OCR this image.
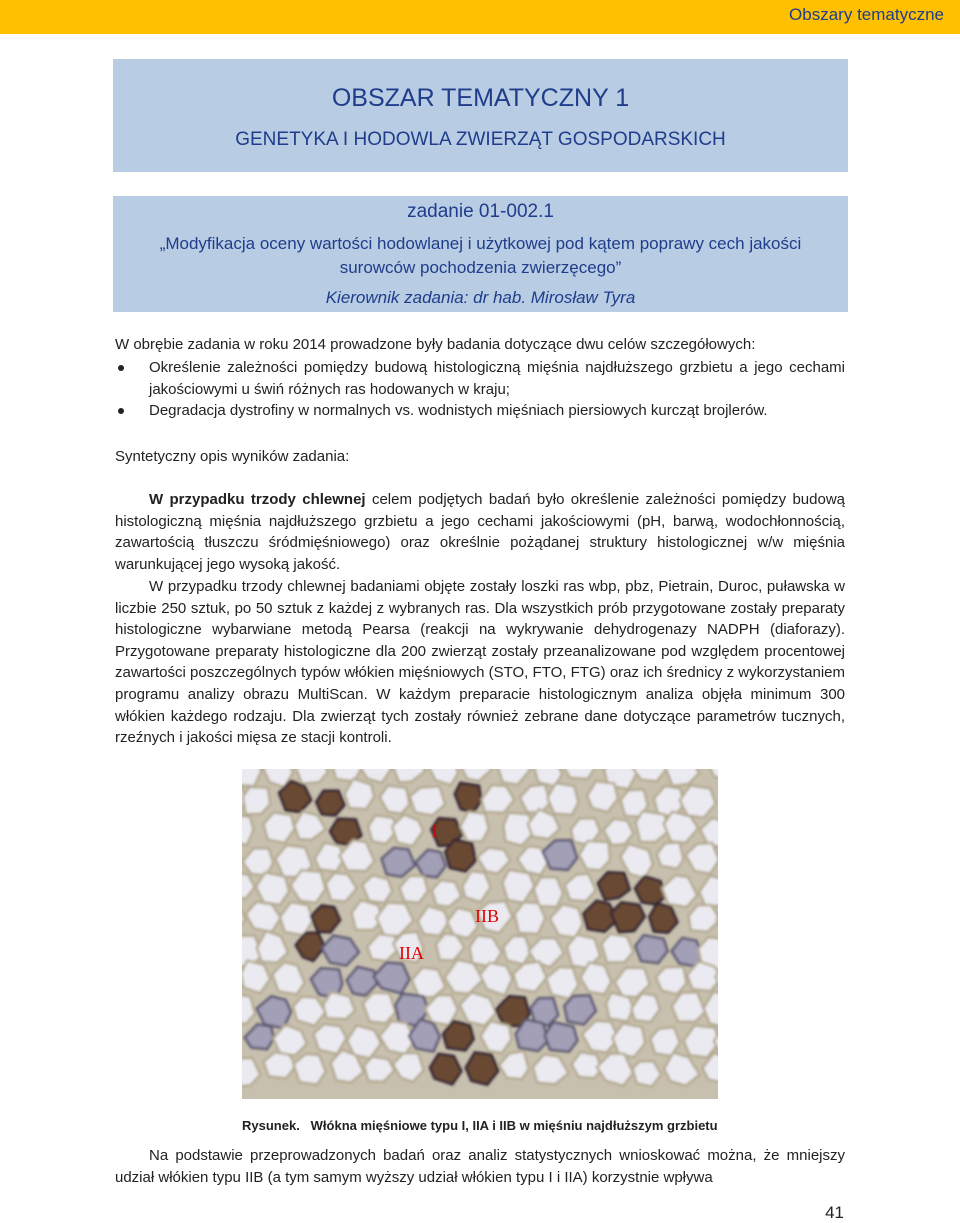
Obszary tematyczne
OBSZAR TEMATYCZNY 1
GENETYKA I HODOWLA ZWIERZĄT GOSPODARSKICH
zadanie 01-002.1
„Modyfikacja oceny wartości hodowlanej i użytkowej pod kątem poprawy cech jakości surowców pochodzenia zwierzęcego”
Kierownik zadania: dr hab. Mirosław Tyra
W obrębie zadania w roku 2014 prowadzone były badania dotyczące dwu celów szczegółowych:
Określenie zależności pomiędzy budową histologiczną mięśnia najdłuższego grzbietu a jego cechami jakościowymi u świń różnych ras hodowanych w kraju;
Degradacja dystrofiny w normalnych vs. wodnistych mięśniach piersiowych kurcząt brojlerów.
Syntetyczny opis wyników zadania:
W przypadku trzody chlewnej celem podjętych badań było określenie zależności pomiędzy budową histologiczną mięśnia najdłuższego grzbietu a jego cechami jakościowymi (pH, barwą, wodochłonnością, zawartością tłuszczu śródmięśniowego) oraz określnie pożądanej struktury histologicznej w/w mięśnia warunkującej jego wysoką jakość.
W przypadku trzody chlewnej badaniami objęte zostały loszki ras wbp, pbz, Pietrain, Duroc, puławska w liczbie 250 sztuk, po 50 sztuk z każdej z wybranych ras. Dla wszystkich prób przygotowane zostały preparaty histologiczne wybarwiane metodą Pearsa (reakcji na wykrywanie dehydrogenazy NADPH (diaforazy). Przygotowane preparaty histologiczne dla 200 zwierząt zostały przeanalizowane pod względem procentowej zawartości poszczególnych typów włókien mięśniowych (STO, FTO, FTG) oraz ich średnicy z wykorzystaniem programu analizy obrazu MultiScan. W każdym preparacie histologicznym analiza objęła minimum 300 włókien każdego rodzaju. Dla zwierząt tych zostały również zebrane dane dotyczące parametrów tucznych, rzeźnych i jakości mięsa ze stacji kontroli.
I
IIB
IIA
Rysunek. Włókna mięśniowe typu I, IIA i IIB w mięśniu najdłuższym grzbietu
Na podstawie przeprowadzonych badań oraz analiz statystycznych wnioskować można, że mniejszy udział włókien typu IIB (a tym samym wyższy udział włókien typu I i IIA) korzystnie wpływa
41
